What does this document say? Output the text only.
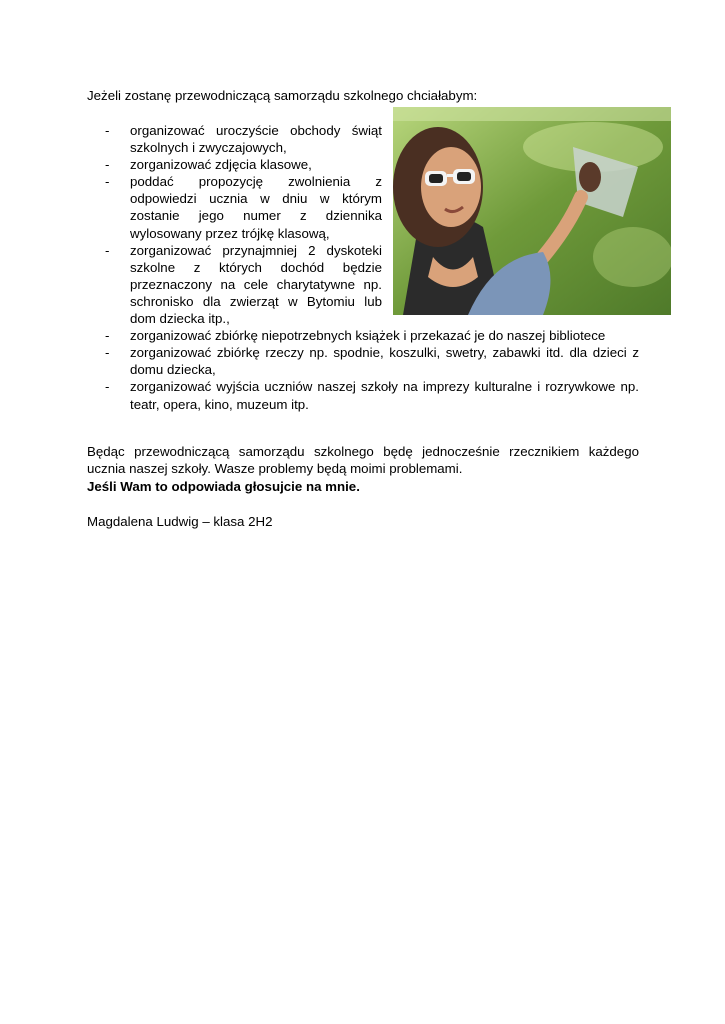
Jeżeli zostanę przewodniczącą samorządu szkolnego chciałabym:
- organizować uroczyście obchody świąt szkolnych i zwyczajowych,
- zorganizować zdjęcia klasowe,
- poddać propozycję zwolnienia z odpowiedzi ucznia w dniu w którym zostanie jego numer z dziennika wylosowany przez trójkę klasową,
- zorganizować przynajmniej 2 dyskoteki szkolne z których dochód będzie przeznaczony na cele charytatywne np. schronisko dla zwierząt w Bytomiu lub dom dziecka itp.,
- zorganizować zbiórkę niepotrzebnych książek i przekazać je do naszej bibliotece
- zorganizować zbiórkę rzeczy np. spodnie, koszulki, swetry, zabawki itd. dla dzieci z domu dziecka,
- zorganizować wyjścia uczniów naszej szkoły na imprezy kulturalne i rozrywkowe np. teatr, opera, kino, muzeum itp.
Będąc przewodniczącą samorządu szkolnego będę jednocześnie rzecznikiem każdego ucznia naszej szkoły. Wasze problemy będą moimi problemami.
Jeśli Wam to odpowiada głosujcie na mnie.
Magdalena Ludwig – klasa 2H2
